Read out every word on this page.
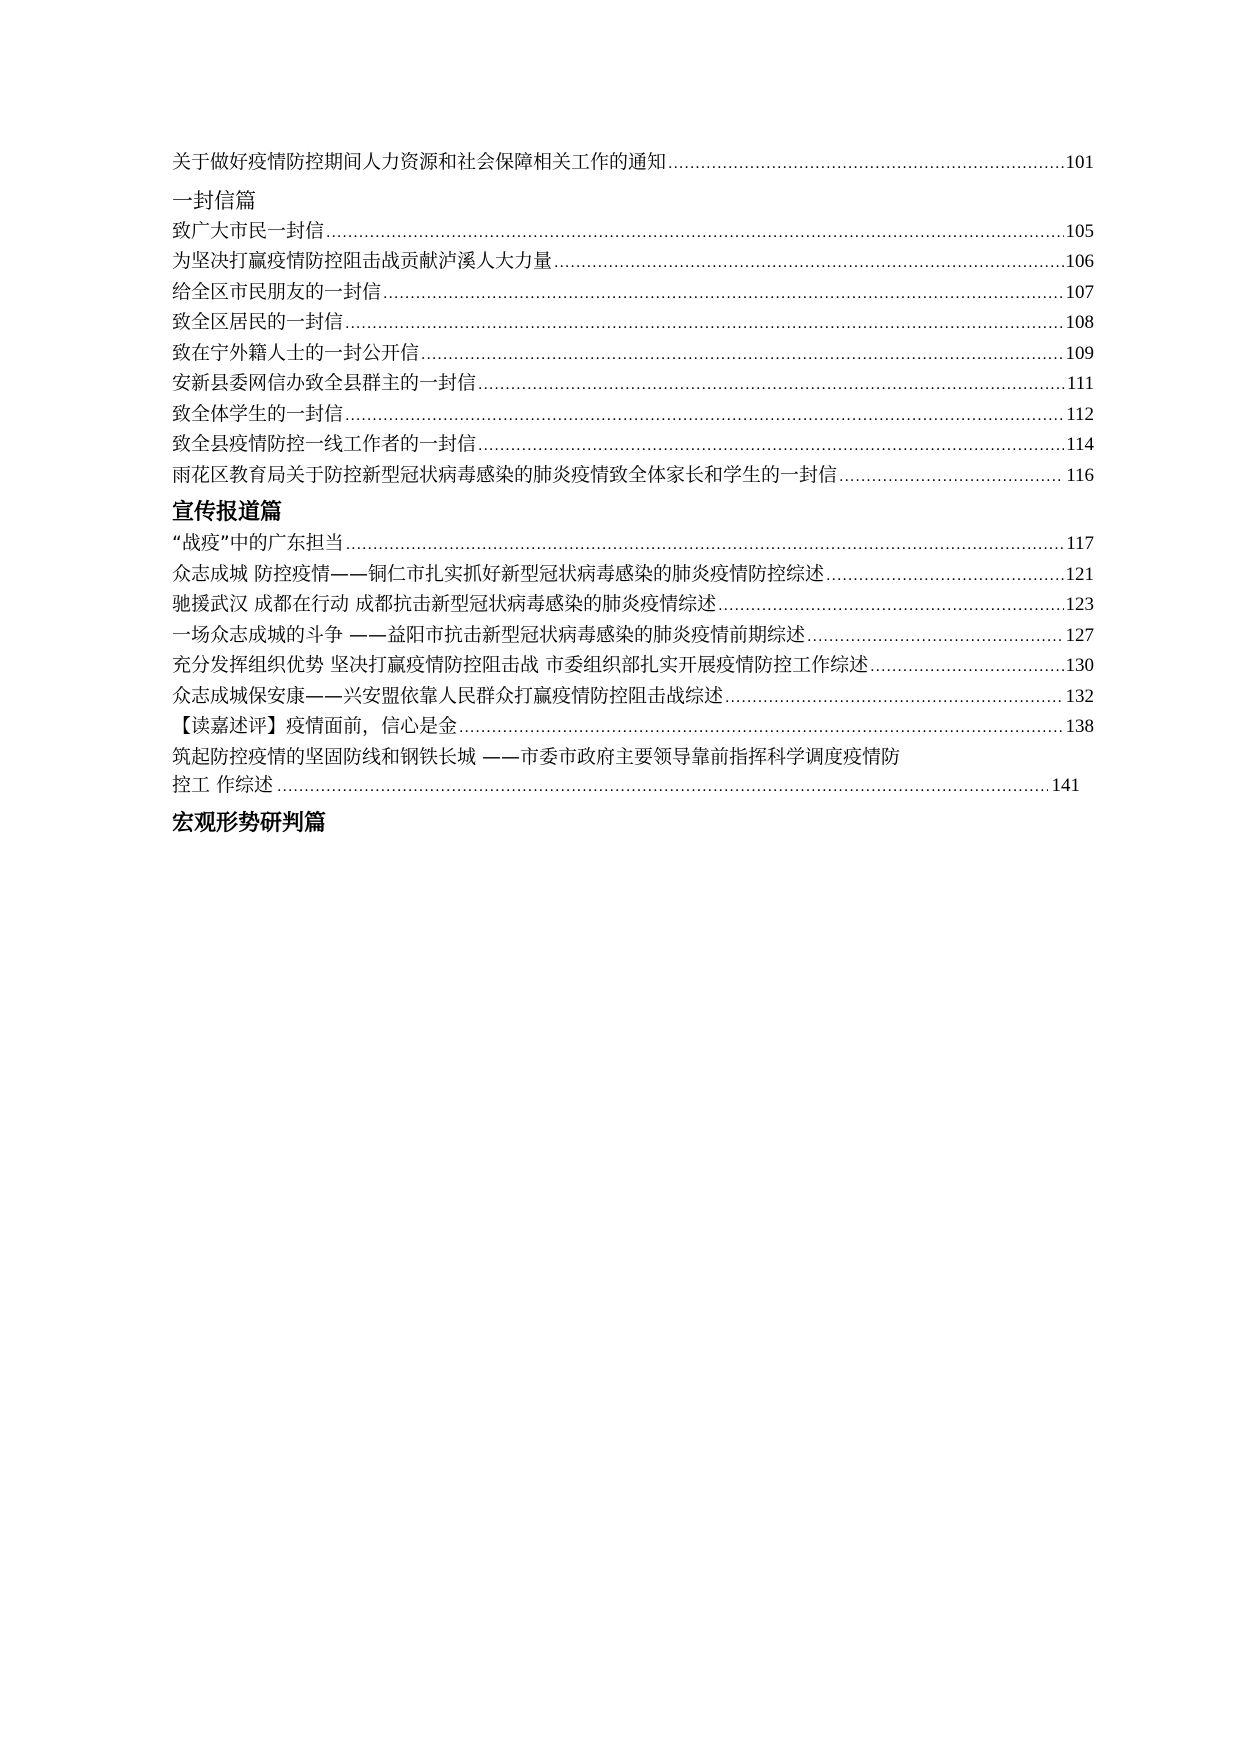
关于做好疫情防控期间人力资源和社会保障相关工作的通知 .....	101
一封信篇
致广大市民一封信 .....	105
为坚决打赢疫情防控阻击战贡献泸溪人大力量 .....	106
给全区市民朋友的一封信 .....	107
致全区居民的一封信 .....	108
致在宁外籍人士的一封公开信 .....	109
安新县委网信办致全县群主的一封信 .....	111
致全体学生的一封信 .....	112
致全县疫情防控一线工作者的一封信 .....	114
雨花区教育局关于防控新型冠状病毒感染的肺炎疫情致全体家长和学生的一封信 .....	116
宣传报道篇
“战疫”中的广东担当 .....	117
众志成城 防控疫情——铜仁市扎实抓好新型冠状病毒感染的肺炎疫情防控综述 .....	121
驰援武汉 成都在行动 成都抗击新型冠状病毒感染的肺炎疫情综述 .....	123
一场众志成城的斗争 ——益阳市抗击新型冠状病毒感染的肺炎疫情前期综述 .....	127
充分发挥组织优势 坚决打赢疫情防控阻击战 市委组织部扎实开展疫情防控工作综述 .....	130
众志成城保安康——兴安盟依靠人民群众打赢疫情防控阻击战综述 .....	132
【读嘉述评】疫情面前，信心是金 .....	138
筑起防控疫情的坚固防线和钢铁长城 ——市委市政府主要领导靠前指挥科学调度疫情防
控工 作综述 .....	141
宏观形势研判篇
